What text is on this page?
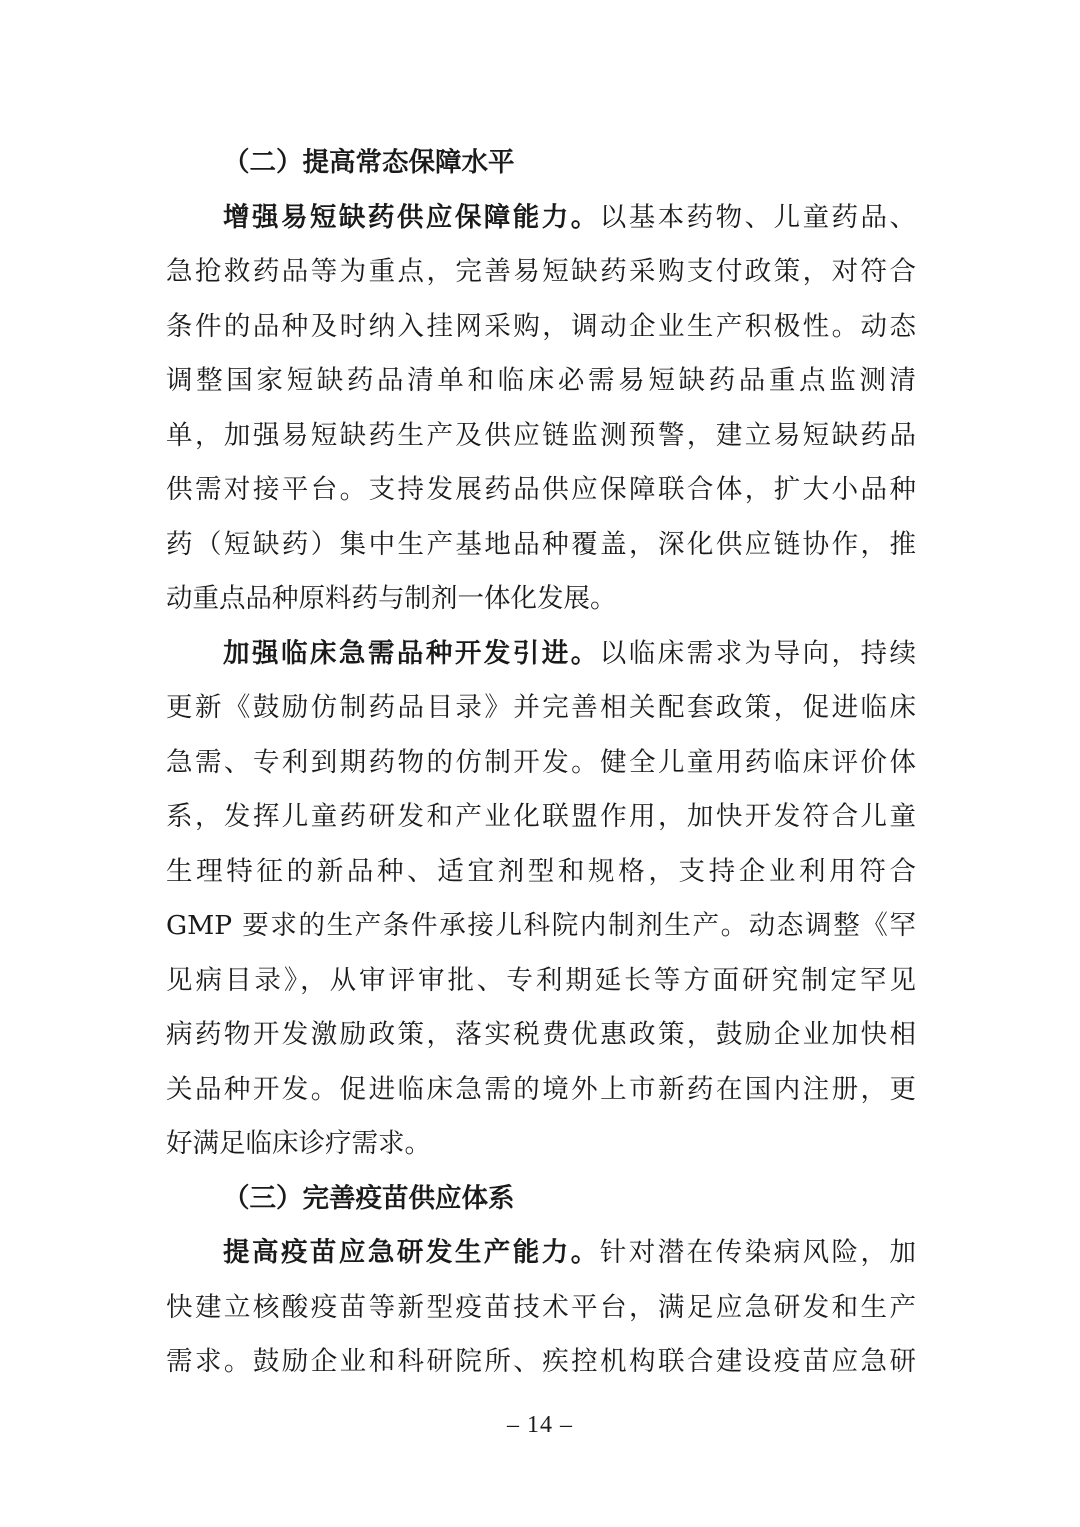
（二）提高常态保障水平
增强易短缺药供应保障能力。以基本药物、儿童药品、
急抢救药品等为重点，完善易短缺药采购支付政策，对符合
条件的品种及时纳入挂网采购，调动企业生产积极性。动态
调整国家短缺药品清单和临床必需易短缺药品重点监测清
单，加强易短缺药生产及供应链监测预警，建立易短缺药品
供需对接平台。支持发展药品供应保障联合体，扩大小品种
药（短缺药）集中生产基地品种覆盖，深化供应链协作，推
动重点品种原料药与制剂一体化发展。
加强临床急需品种开发引进。以临床需求为导向，持续
更新《鼓励仿制药品目录》并完善相关配套政策，促进临床
急需、专利到期药物的仿制开发。健全儿童用药临床评价体
系，发挥儿童药研发和产业化联盟作用，加快开发符合儿童
生理特征的新品种、适宜剂型和规格，支持企业利用符合
GMP 要求的生产条件承接儿科院内制剂生产。动态调整《罕
见病目录》，从审评审批、专利期延长等方面研究制定罕见
病药物开发激励政策，落实税费优惠政策，鼓励企业加快相
关品种开发。促进临床急需的境外上市新药在国内注册，更
好满足临床诊疗需求。
（三）完善疫苗供应体系
提高疫苗应急研发生产能力。针对潜在传染病风险，加
快建立核酸疫苗等新型疫苗技术平台，满足应急研发和生产
需求。鼓励企业和科研院所、疾控机构联合建设疫苗应急研
– 14 –
